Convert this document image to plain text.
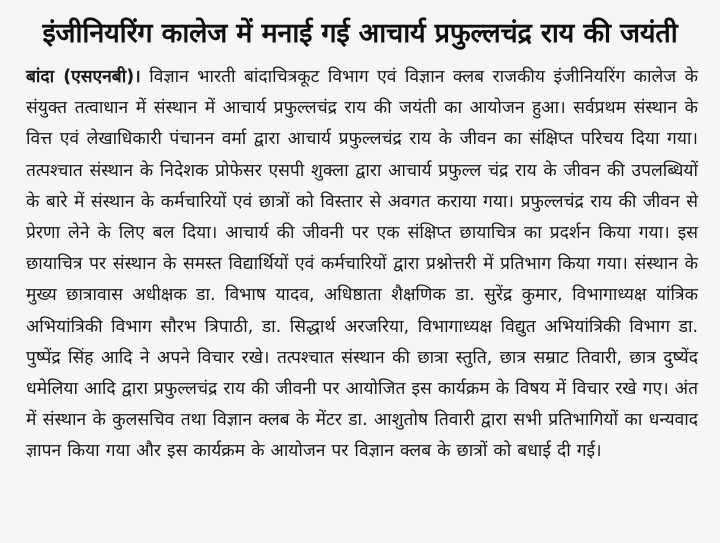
इंजीनियरिंग कालेज में मनाई गई आचार्य प्रफुल्लचंद्र राय की जयंती
बांदा (एसएनबी)। विज्ञान भारती बांदाचित्रकूट विभाग एवं विज्ञान क्लब राजकीय इंजीनियरिंग कालेज के संयुक्त तत्वाधान में संस्थान में आचार्य प्रफुल्लचंद्र राय की जयंती का आयोजन हुआ। सर्वप्रथम संस्थान के वित्त एवं लेखाधिकारी पंचानन वर्मा द्वारा आचार्य प्रफुल्लचंद्र राय के जीवन का संक्षिप्त परिचय दिया गया। तत्पश्चात संस्थान के निदेशक प्रोफेसर एसपी शुक्ला द्वारा आचार्य प्रफुल्ल चंद्र राय के जीवन की उपलब्धियों के बारे में संस्थान के कर्मचारियों एवं छात्रों को विस्तार से अवगत कराया गया। प्रफुल्लचंद्र राय की जीवन से प्रेरणा लेने के लिए बल दिया। आचार्य की जीवनी पर एक संक्षिप्त छायाचित्र का प्रदर्शन किया गया। इस छायाचित्र पर संस्थान के समस्त विद्यार्थियों एवं कर्मचारियों द्वारा प्रश्नोत्तरी में प्रतिभाग किया गया। संस्थान के मुख्य छात्रावास अधीक्षक डा. विभाष यादव, अधिष्ठाता शैक्षणिक डा. सुरेंद्र कुमार, विभागाध्यक्ष यांत्रिक अभियांत्रिकी विभाग सौरभ त्रिपाठी, डा. सिद्धार्थ अरजरिया, विभागाध्यक्ष विद्युत अभियांत्रिकी विभाग डा. पुष्पेंद्र सिंह आदि ने अपने विचार रखे। तत्पश्चात संस्थान की छात्रा स्तुति, छात्र सम्राट तिवारी, छात्र दुष्येंद धमेलिया आदि द्वारा प्रफुल्लचंद्र राय की जीवनी पर आयोजित इस कार्यक्रम के विषय में विचार रखे गए। अंत में संस्थान के कुलसचिव तथा विज्ञान क्लब के मेंटर डा. आशुतोष तिवारी द्वारा सभी प्रतिभागियों का धन्यवाद ज्ञापन किया गया और इस कार्यक्रम के आयोजन पर विज्ञान क्लब के छात्रों को बधाई दी गई।
